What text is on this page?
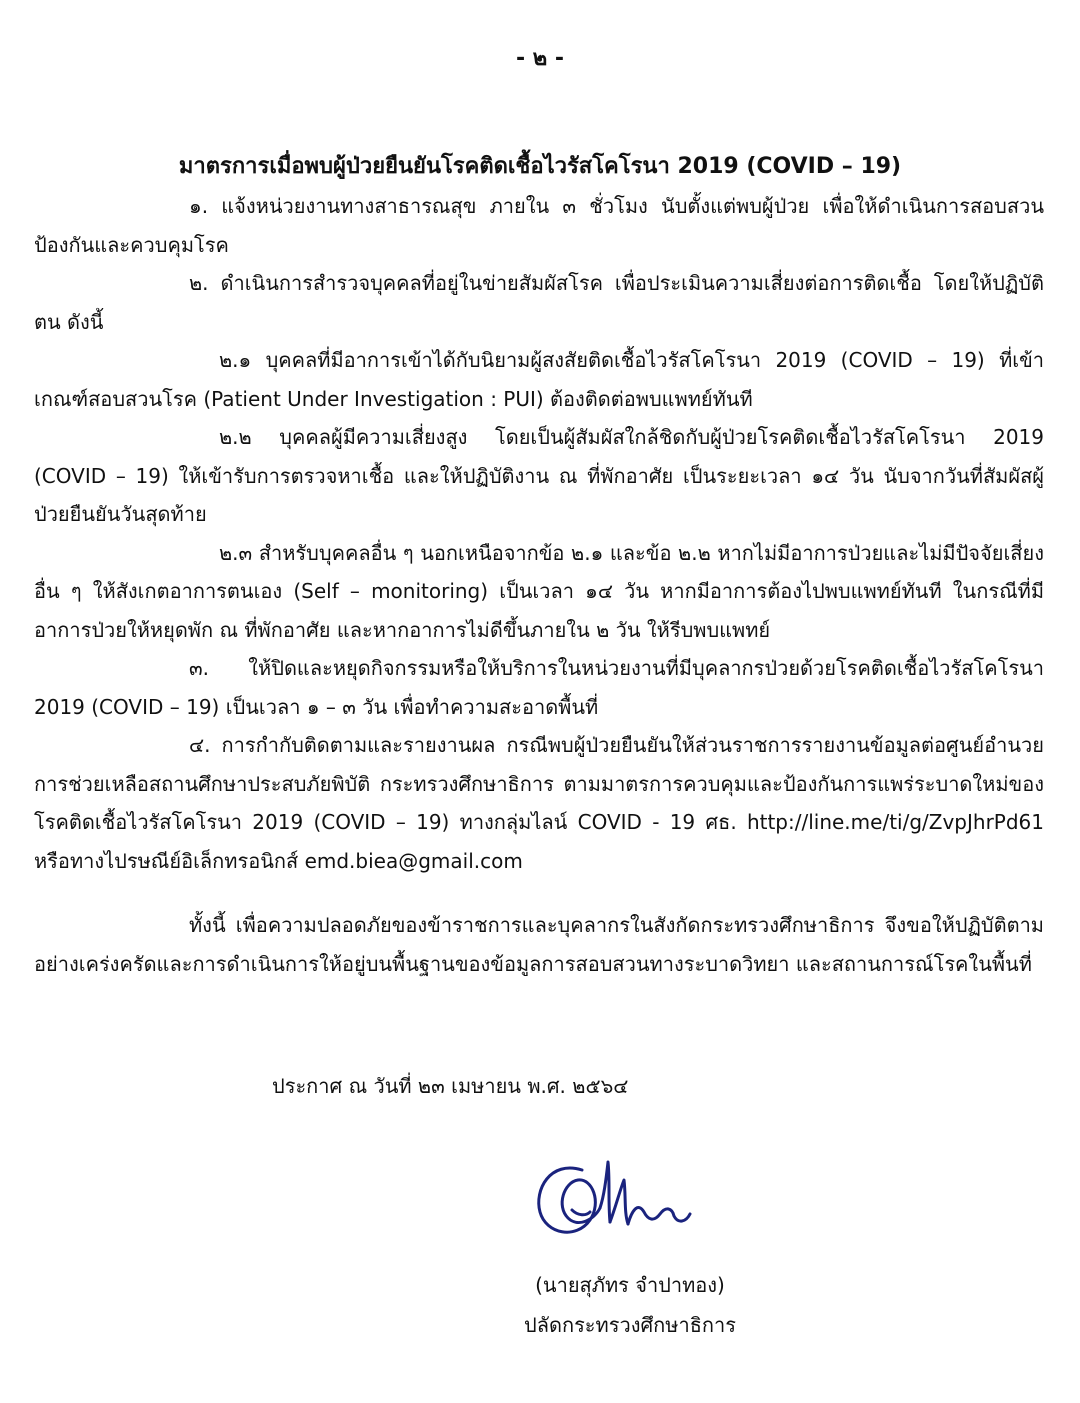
- ๒ -
มาตรการเมื่อพบผู้ป่วยยืนยันโรคติดเชื้อไวรัสโคโรนา 2019 (COVID – 19)

๑. แจ้งหน่วยงานทางสาธารณสุข ภายใน ๓ ชั่วโมง นับตั้งแต่พบผู้ป่วย เพื่อให้ดำเนินการสอบสวนป้องกันและควบคุมโรค

๒. ดำเนินการสำรวจบุคคลที่อยู่ในข่ายสัมผัสโรค เพื่อประเมินความเสี่ยงต่อการติดเชื้อ โดยให้ปฏิบัติตน ดังนี้

๒.๑ บุคคลที่มีอาการเข้าได้กับนิยามผู้สงสัยติดเชื้อไวรัสโคโรนา 2019 (COVID – 19) ที่เข้าเกณฑ์สอบสวนโรค (Patient Under Investigation : PUI) ต้องติดต่อพบแพทย์ทันที

๒.๒ บุคคลผู้มีความเสี่ยงสูง โดยเป็นผู้สัมผัสใกล้ชิดกับผู้ป่วยโรคติดเชื้อไวรัสโคโรนา 2019 (COVID – 19) ให้เข้ารับการตรวจหาเชื้อ และให้ปฏิบัติงาน ณ ที่พักอาศัย เป็นระยะเวลา ๑๔ วัน นับจากวันที่สัมผัสผู้ป่วยยืนยันวันสุดท้าย

๒.๓ สำหรับบุคคลอื่น ๆ นอกเหนือจากข้อ ๒.๑ และข้อ ๒.๒ หากไม่มีอาการป่วยและไม่มีปัจจัยเสี่ยงอื่น ๆ ให้สังเกตอาการตนเอง (Self – monitoring) เป็นเวลา ๑๔ วัน หากมีอาการต้องไปพบแพทย์ทันที ในกรณีที่มีอาการป่วยให้หยุดพัก ณ ที่พักอาศัย และหากอาการไม่ดีขึ้นภายใน ๒ วัน ให้รีบพบแพทย์

๓. ให้ปิดและหยุดกิจกรรมหรือให้บริการในหน่วยงานที่มีบุคลากรป่วยด้วยโรคติดเชื้อไวรัสโคโรนา 2019 (COVID – 19) เป็นเวลา ๑ – ๓ วัน เพื่อทำความสะอาดพื้นที่

๔. การกำกับติดตามและรายงานผล กรณีพบผู้ป่วยยืนยันให้ส่วนราชการรายงานข้อมูลต่อศูนย์อำนวยการช่วยเหลือสถานศึกษาประสบภัยพิบัติ กระทรวงศึกษาธิการ ตามมาตรการควบคุมและป้องกันการแพร่ระบาดใหม่ของโรคติดเชื้อไวรัสโคโรนา 2019 (COVID – 19) ทางกลุ่มไลน์ COVID - 19 ศธ. http://line.me/ti/g/ZvpJhrPd61 หรือทางไปรษณีย์อิเล็กทรอนิกส์ emd.biea@gmail.com

ทั้งนี้ เพื่อความปลอดภัยของข้าราชการและบุคลากรในสังกัดกระทรวงศึกษาธิการ จึงขอให้ปฏิบัติตามอย่างเคร่งครัดและการดำเนินการให้อยู่บนพื้นฐานของข้อมูลการสอบสวนทางระบาดวิทยา และสถานการณ์โรคในพื้นที่

ประกาศ ณ วันที่ ๒๓ เมษายน พ.ศ. ๒๕๖๔
(นายสุภัทร จำปาทอง)
ปลัดกระทรวงศึกษาธิการ
